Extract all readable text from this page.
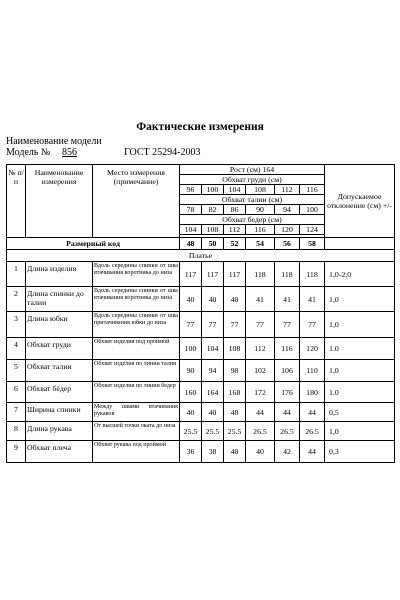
Фактические измерения
Наименование модели
Модель № 856	ГОСТ 25294-2003
№ п/п	Наименование измерения	Место измерения (примечание)	Рост (см) 164						Допускаемое отклонение (см) +/-
			Обхват груди (см)						
			96	100	104	108	112	116	
			Обхват талии (см)						
			78	82	86	90	94	100	
			Обхват бедер (см)						
			104	108	112	116	120	124	

Размерный код			48	50	52	54	56	58	
Платье									
1	Длина изделия	Вдоль середины спинки от шва втачивания воротника до низа	117	117	117	118	118	118	1,0-2,0
2	Длина спинки до талии	Вдоль середины спинки от шва втачивания воротника до низа	40	40	40	41	41	41	1,0
3	Длина юбки	Вдоль середины спинки от шва притачивания юбки до низа	77	77	77	77	77	77	1,0
4	Обхват груди	Обхват изделия под проймой	100	104	108	112	116	120	1.0
5	Обхват талии	Обхват изделия по линии талии	90	94	98	102	106	110	1,0
6	Обхват бёдер	Обхват изделия по линии бедер	160	164	168	172	176	180	1.0
7	Ширина спинки	Между швами втачивания рукавов	40	40	40	44	44	44	0,5
8	Длина рукава	От высшей точки оката до низа	25.5	25.5	25.5	26.5	26.5	26.5	1,0
9	Обхват плеча	Обхват рукава под проймой	36	38	40	40	42	44	0,3
